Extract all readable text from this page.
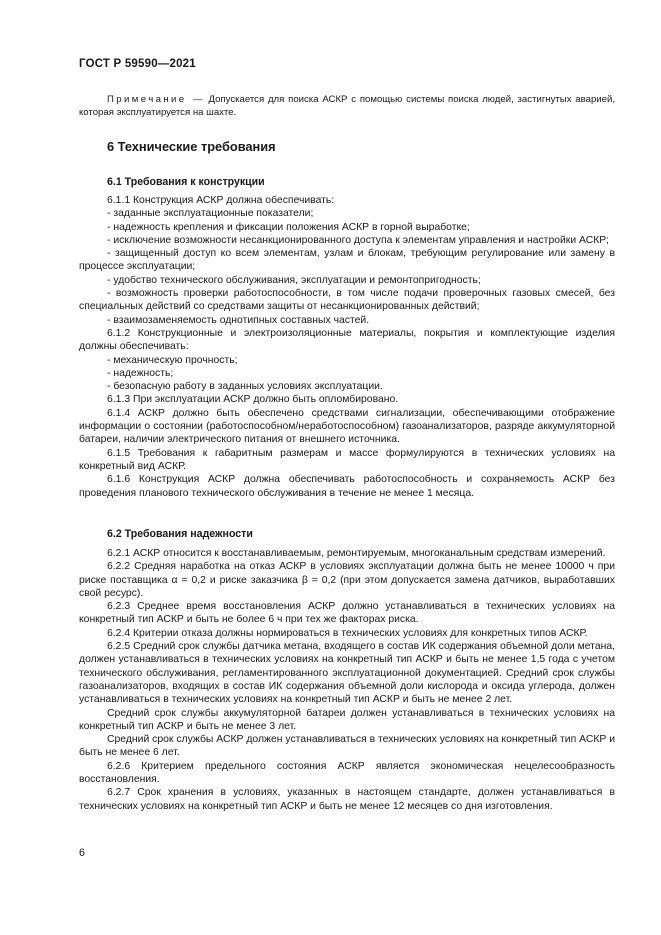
ГОСТ Р 59590—2021

Примечание — Допускается для поиска АСКР с помощью системы поиска людей, застигнутых аварией, которая эксплуатируется на шахте.

6 Технические требования
6.1 Требования к конструкции

6.1.1 Конструкция АСКР должна обеспечивать:

- заданные эксплуатационные показатели;

- надежность крепления и фиксации положения АСКР в горной выработке;

- исключение возможности несанкционированного доступа к элементам управления и настройки АСКР;

- защищенный доступ ко всем элементам, узлам и блокам, требующим регулирование или замену в процессе эксплуатации;

- удобство технического обслуживания, эксплуатации и ремонтопригодность;

- возможность проверки работоспособности, в том числе подачи проверочных газовых смесей, без специальных действий со средствами защиты от несанкционированных действий;

- взаимозаменяемость однотипных составных частей.

6.1.2 Конструкционные и электроизоляционные материалы, покрытия и комплектующие изделия должны обеспечивать:

- механическую прочность;

- надежность;

- безопасную работу в заданных условиях эксплуатации.

6.1.3 При эксплуатации АСКР должно быть опломбировано.

6.1.4 АСКР должно быть обеспечено средствами сигнализации, обеспечивающими отображение информации о состоянии (работоспособном/неработоспособном) газоанализаторов, разряде аккумуляторной батареи, наличии электрического питания от внешнего источника.

6.1.5 Требования к габаритным размерам и массе формулируются в технических условиях на конкретный вид АСКР.

6.1.6 Конструкция АСКР должна обеспечивать работоспособность и сохраняемость АСКР без проведения планового технического обслуживания в течение не менее 1 месяца.

6.2 Требования надежности

6.2.1 АСКР относится к восстанавливаемым, ремонтируемым, многоканальным средствам измерений.

6.2.2 Средняя наработка на отказ АСКР в условиях эксплуатации должна быть не менее 10000 ч при риске поставщика α = 0,2 и риске заказчика β = 0,2 (при этом допускается замена датчиков, выработавших свой ресурс).

6.2.3 Среднее время восстановления АСКР должно устанавливаться в технических условиях на конкретный тип АСКР и быть не более 6 ч при тех же факторах риска.

6.2.4 Критерии отказа должны нормироваться в технических условиях для конкретных типов АСКР.

6.2.5 Средний срок службы датчика метана, входящего в состав ИК содержания объемной доли метана, должен устанавливаться в технических условиях на конкретный тип АСКР и быть не менее 1,5 года с учетом технического обслуживания, регламентированного эксплуатационной документацией. Средний срок службы газоанализаторов, входящих в состав ИК содержания объемной доли кислорода и оксида углерода, должен устанавливаться в технических условиях на конкретный тип АСКР и быть не менее 2 лет.

Средний срок службы аккумуляторной батареи должен устанавливаться в технических условиях на конкретный тип АСКР и быть не менее 3 лет.

Средний срок службы АСКР должен устанавливаться в технических условиях на конкретный тип АСКР и быть не менее 6 лет.

6.2.6 Критерием предельного состояния АСКР является экономическая нецелесообразность восстановления.

6.2.7 Срок хранения в условиях, указанных в настоящем стандарте, должен устанавливаться в технических условиях на конкретный тип АСКР и быть не менее 12 месяцев со дня изготовления.

6
